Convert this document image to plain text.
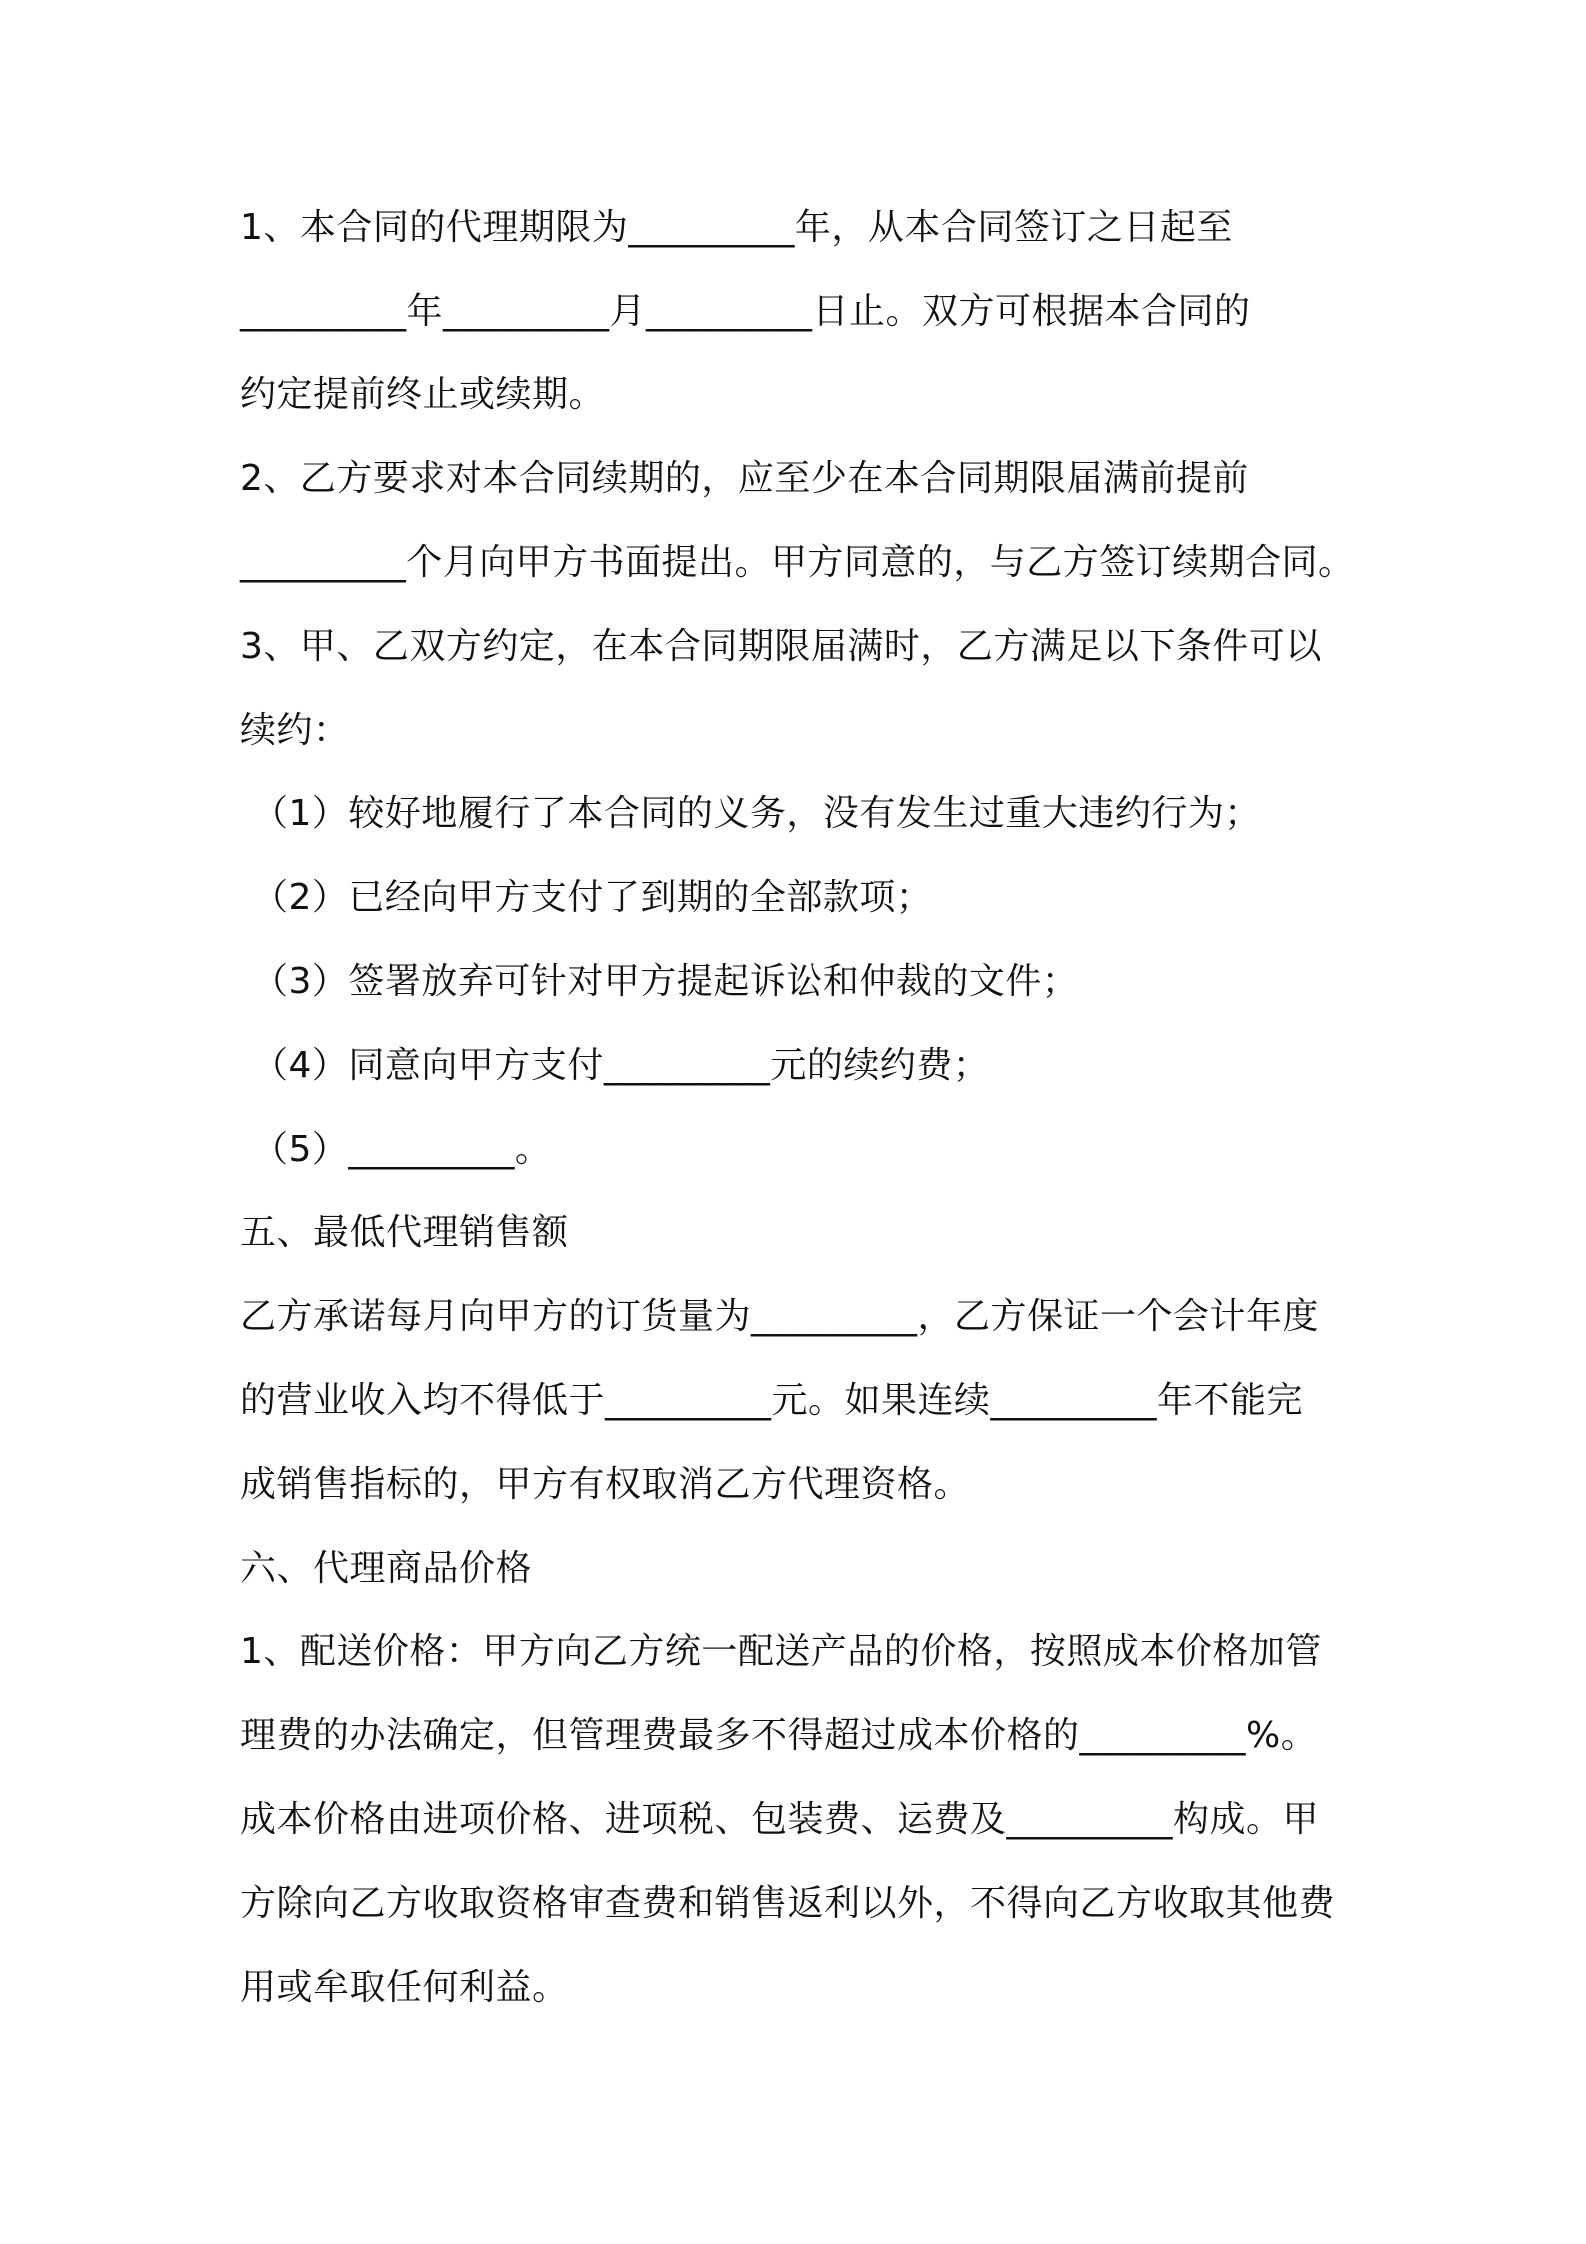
1、本合同的代理期限为_________年，从本合同签订之日起至
_________年_________月_________日止。双方可根据本合同的
约定提前终止或续期。
2、乙方要求对本合同续期的，应至少在本合同期限届满前提前
_________个月向甲方书面提出。甲方同意的，与乙方签订续期合同。
3、甲、乙双方约定，在本合同期限届满时，乙方满足以下条件可以
续约：
（1）较好地履行了本合同的义务，没有发生过重大违约行为；
（2）已经向甲方支付了到期的全部款项；
（3）签署放弃可针对甲方提起诉讼和仲裁的文件；
（4）同意向甲方支付_________元的续约费；
（5）_________。
五、最低代理销售额
乙方承诺每月向甲方的订货量为_________，乙方保证一个会计年度
的营业收入均不得低于_________元。如果连续_________年不能完
成销售指标的，甲方有权取消乙方代理资格。
六、代理商品价格
1、配送价格：甲方向乙方统一配送产品的价格，按照成本价格加管
理费的办法确定，但管理费最多不得超过成本价格的_________%。
成本价格由进项价格、进项税、包装费、运费及_________构成。甲
方除向乙方收取资格审查费和销售返利以外，不得向乙方收取其他费
用或牟取任何利益。
